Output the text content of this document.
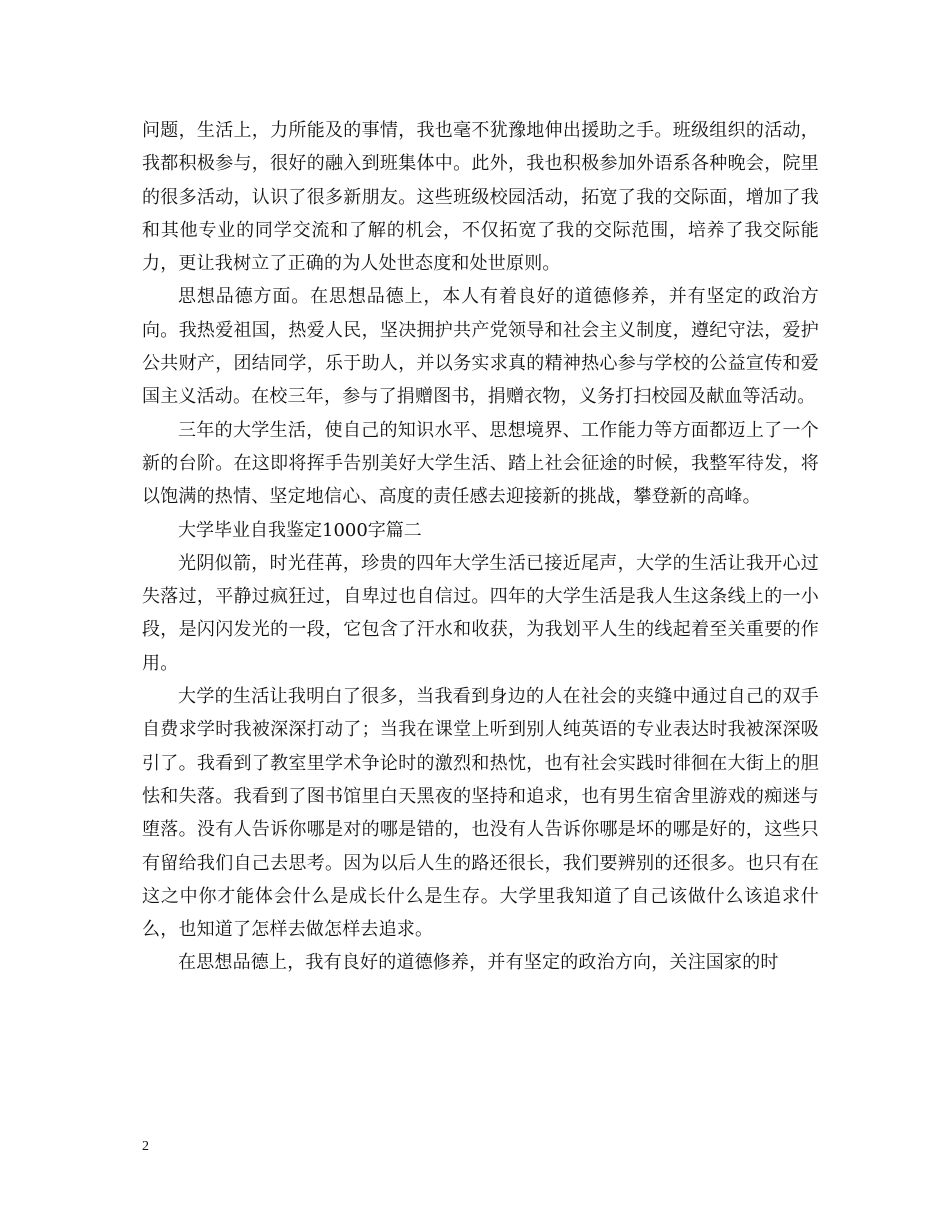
问题，生活上，力所能及的事情，我也毫不犹豫地伸出援助之手。班级组织的活动，我都积极参与，很好的融入到班集体中。此外，我也积极参加外语系各种晚会，院里的很多活动，认识了很多新朋友。这些班级校园活动，拓宽了我的交际面，增加了我和其他专业的同学交流和了解的机会，不仅拓宽了我的交际范围，培养了我交际能力，更让我树立了正确的为人处世态度和处世原则。

思想品德方面。在思想品德上，本人有着良好的道德修养，并有坚定的政治方向。我热爱祖国，热爱人民，坚决拥护共产党领导和社会主义制度，遵纪守法，爱护公共财产，团结同学，乐于助人，并以务实求真的精神热心参与学校的公益宣传和爱国主义活动。在校三年，参与了捐赠图书，捐赠衣物，义务打扫校园及献血等活动。

三年的大学生活，使自己的知识水平、思想境界、工作能力等方面都迈上了一个新的台阶。在这即将挥手告别美好大学生活、踏上社会征途的时候，我整军待发，将以饱满的热情、坚定地信心、高度的责任感去迎接新的挑战，攀登新的高峰。

大学毕业自我鉴定1000字篇二

光阴似箭，时光荏苒，珍贵的四年大学生活已接近尾声，大学的生活让我开心过失落过，平静过疯狂过，自卑过也自信过。四年的大学生活是我人生这条线上的一小段，是闪闪发光的一段，它包含了汗水和收获，为我划平人生的线起着至关重要的作用。

大学的生活让我明白了很多，当我看到身边的人在社会的夹缝中通过自己的双手自费求学时我被深深打动了；当我在课堂上听到别人纯英语的专业表达时我被深深吸引了。我看到了教室里学术争论时的激烈和热忱，也有社会实践时徘徊在大街上的胆怯和失落。我看到了图书馆里白天黑夜的坚持和追求，也有男生宿舍里游戏的痴迷与堕落。没有人告诉你哪是对的哪是错的，也没有人告诉你哪是坏的哪是好的，这些只有留给我们自己去思考。因为以后人生的路还很长，我们要辨别的还很多。也只有在这之中你才能体会什么是成长什么是生存。大学里我知道了自己该做什么该追求什么，也知道了怎样去做怎样去追求。

在思想品德上，我有良好的道德修养，并有坚定的政治方向，关注国家的时

2
